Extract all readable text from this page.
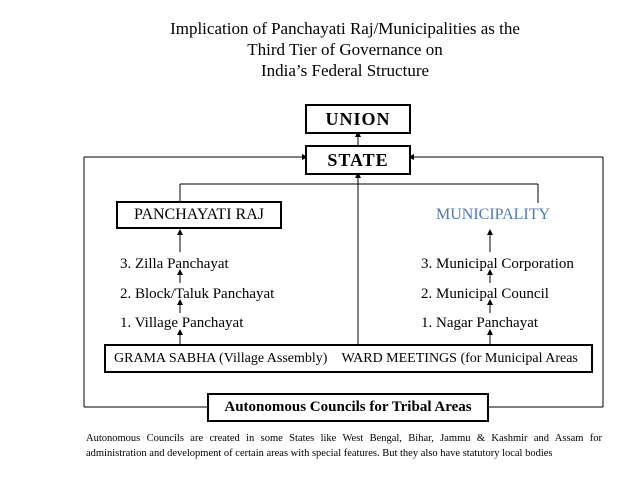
Implication of Panchayati Raj/Municipalities as the
Third Tier of Governance on
India’s Federal Structure
UNION
STATE
PANCHAYATI RAJ	MUNICIPALITY
3. Zilla Panchayat
2. Block/Taluk Panchayat
1. Village Panchayat
3. Municipal Corporation
2. Municipal Council
1. Nagar Panchayat
GRAMA SABHA (Village Assembly) WARD MEETINGS (for Municipal Areas
Autonomous Councils for Tribal Areas
Autonomous Councils are created in some States like West Bengal, Bihar, Jammu & Kashmir and Assam for administration and development of certain areas with special features. But they also have statutory local bodies
